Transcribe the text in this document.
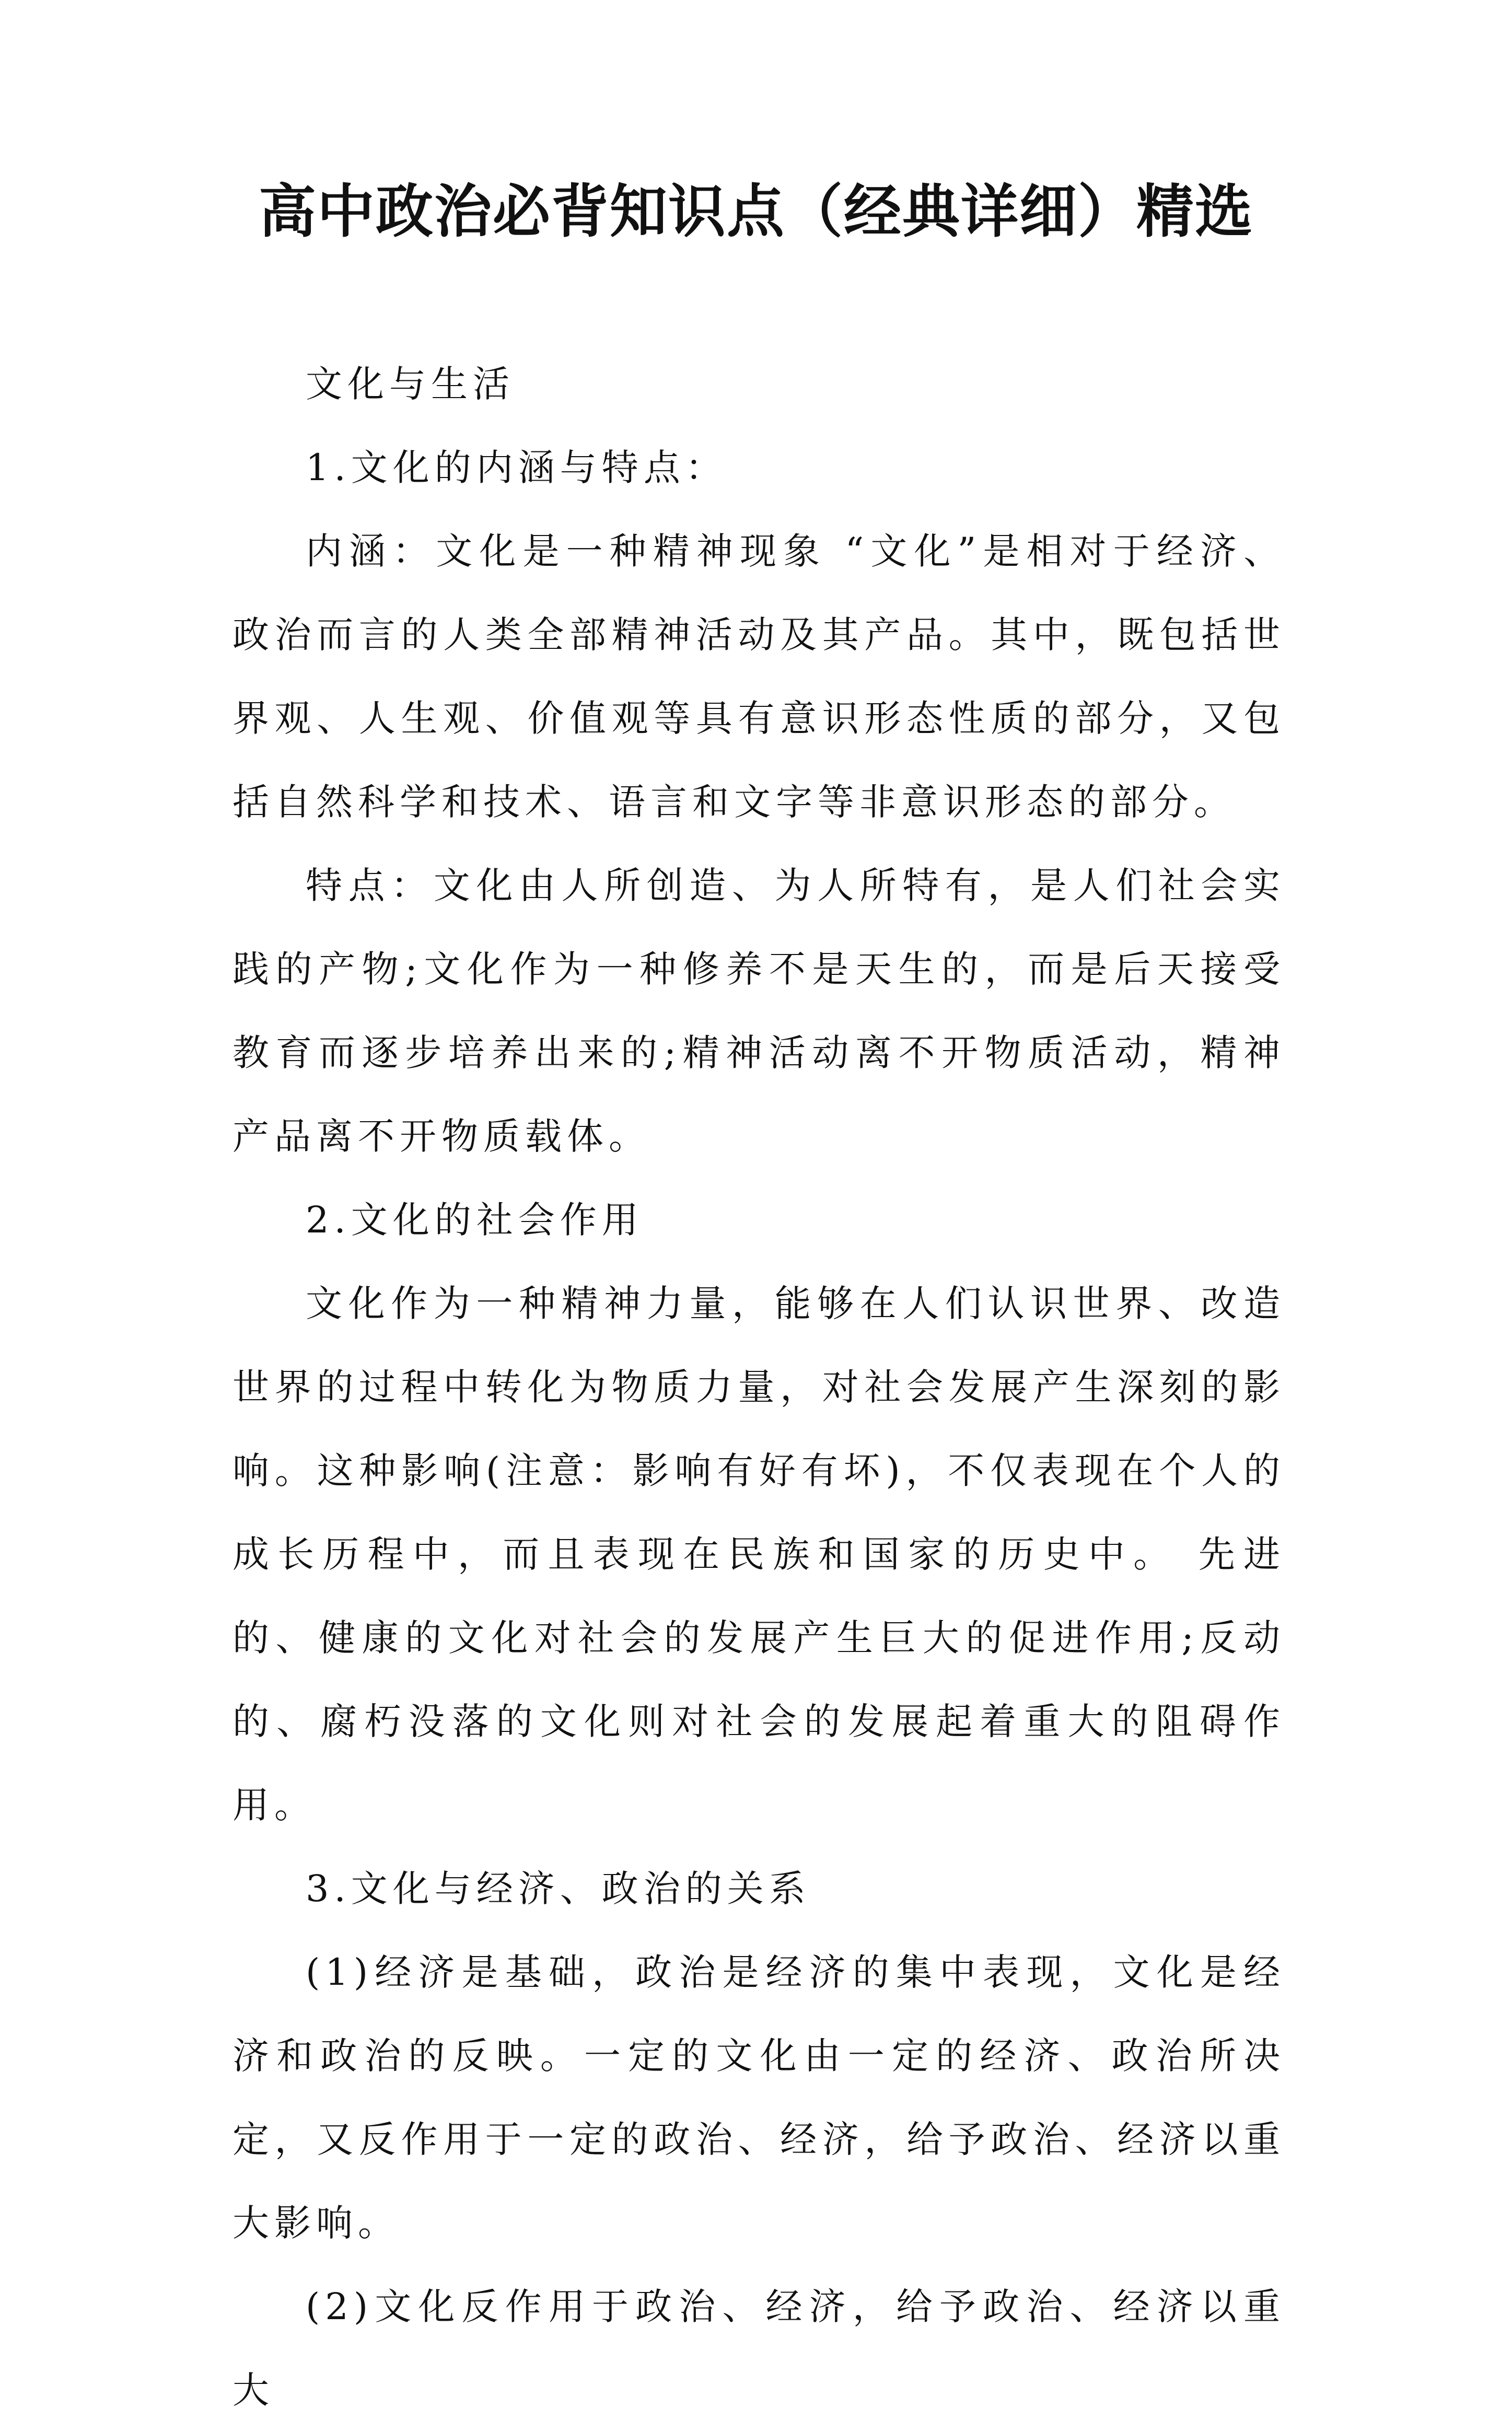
高中政治必背知识点（经典详细）精选

文化与生活

1.文化的内涵与特点：

内涵：文化是一种精神现象 “文化”是相对于经济、政治而言的人类全部精神活动及其产品。其中，既包括世界观、人生观、价值观等具有意识形态性质的部分，又包括自然科学和技术、语言和文字等非意识形态的部分。

特点：文化由人所创造、为人所特有，是人们社会实践的产物;文化作为一种修养不是天生的，而是后天接受教育而逐步培养出来的;精神活动离不开物质活动，精神产品离不开物质载体。

2.文化的社会作用

文化作为一种精神力量，能够在人们认识世界、改造世界的过程中转化为物质力量，对社会发展产生深刻的影响。这种影响(注意：影响有好有坏)，不仅表现在个人的成长历程中，而且表现在民族和国家的历史中。 先进的、健康的文化对社会的发展产生巨大的促进作用;反动的、腐朽没落的文化则对社会的发展起着重大的阻碍作用。

3.文化与经济、政治的关系

(1)经济是基础，政治是经济的集中表现，文化是经济和政治的反映。一定的文化由一定的经济、政治所决定，又反作用于一定的政治、经济，给予政治、经济以重大影响。

(2)文化反作用于政治、经济，给予政治、经济以重大
